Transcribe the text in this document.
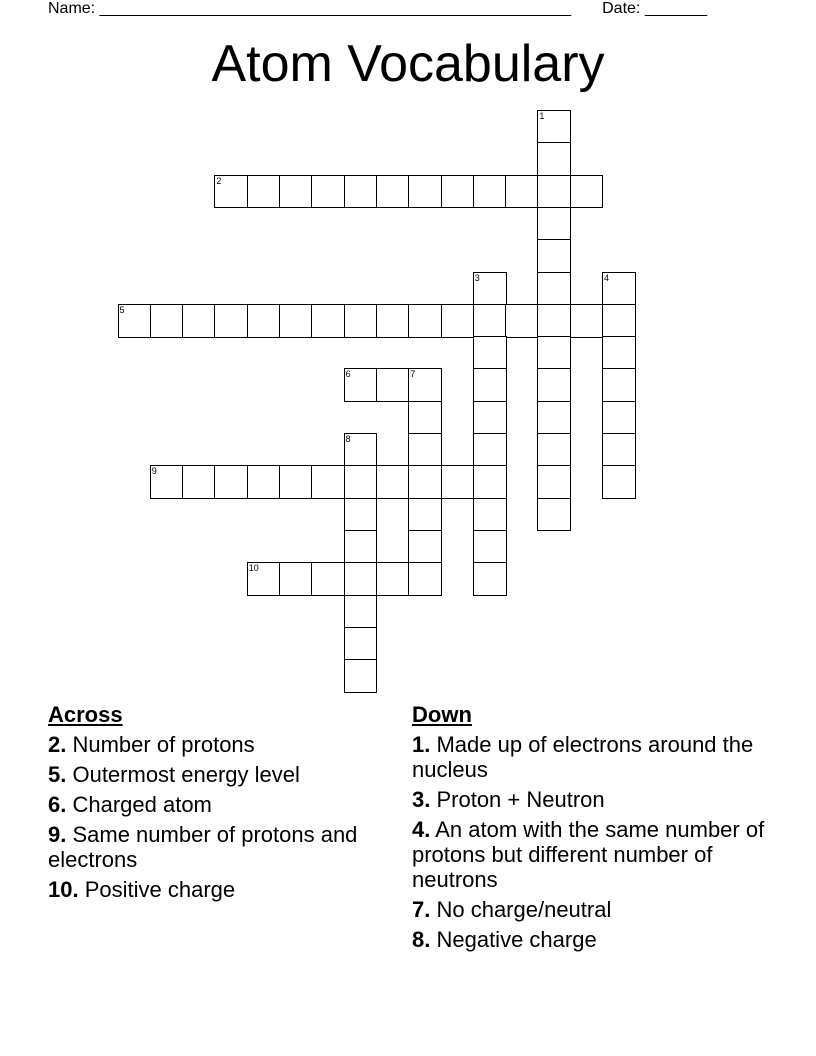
Name: _____________________________________________________ Date: _______
Atom Vocabulary
1
2
3	4
5
6	7
8
9
10
Across
2. Number of protons
5. Outermost energy level
6. Charged atom
9. Same number of protons and electrons
10. Positive charge
Down
1. Made up of electrons around the nucleus
3. Proton + Neutron
4. An atom with the same number of protons but different number of neutrons
7. No charge/neutral
8. Negative charge
